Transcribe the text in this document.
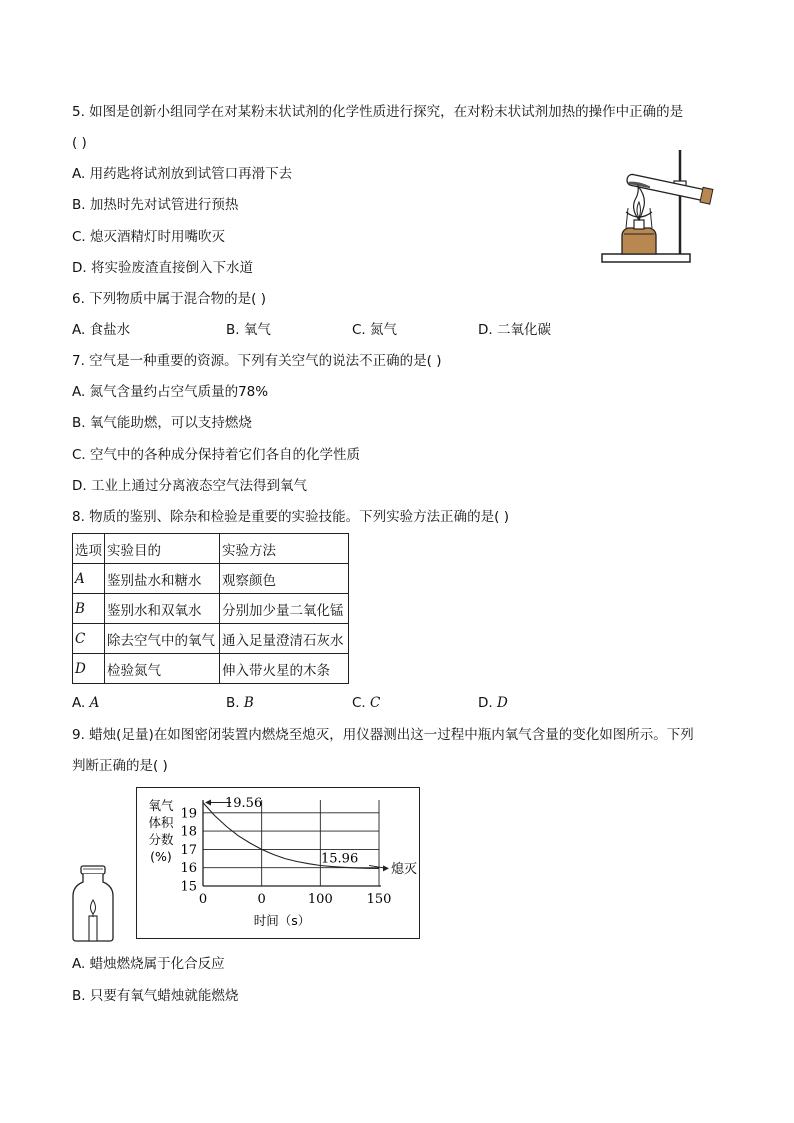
5. 如图是创新小组同学在对某粉末状试剂的化学性质进行探究，在对粉末状试剂加热的操作中正确的是
( )
A. 用药匙将试剂放到试管口再滑下去
B. 加热时先对试管进行预热
C. 熄灭酒精灯时用嘴吹灭
D. 将实验废渣直接倒入下水道
6. 下列物质中属于混合物的是( )
A. 食盐水	B. 氧气	C. 氮气	D. 二氧化碳
7. 空气是一种重要的资源。下列有关空气的说法不正确的是( )
A. 氮气含量约占空气质量的78%
B. 氧气能助燃，可以支持燃烧
C. 空气中的各种成分保持着它们各自的化学性质
D. 工业上通过分离液态空气法得到氧气
8. 物质的鉴别、除杂和检验是重要的实验技能。下列实验方法正确的是( )
选项	实验目的	实验方法
A	鉴别盐水和糖水	观察颜色
B	鉴别水和双氧水	分别加少量二氧化锰
C	除去空气中的氧气	通入足量澄清石灰水
D	检验氮气	伸入带火星的木条
A. A	B. B	C. C	D. D
9. 蜡烛(足量)在如图密闭装置内燃烧至熄灭，用仪器测出这一过程中瓶内氧气含量的变化如图所示。下列
判断正确的是( )
氧气
体积
分数
(%)
15
16
17
18
19
0	0	100	150
19.56
15.96
熄灭
时间（s）
A. 蜡烛燃烧属于化合反应
B. 只要有氧气蜡烛就能燃烧
